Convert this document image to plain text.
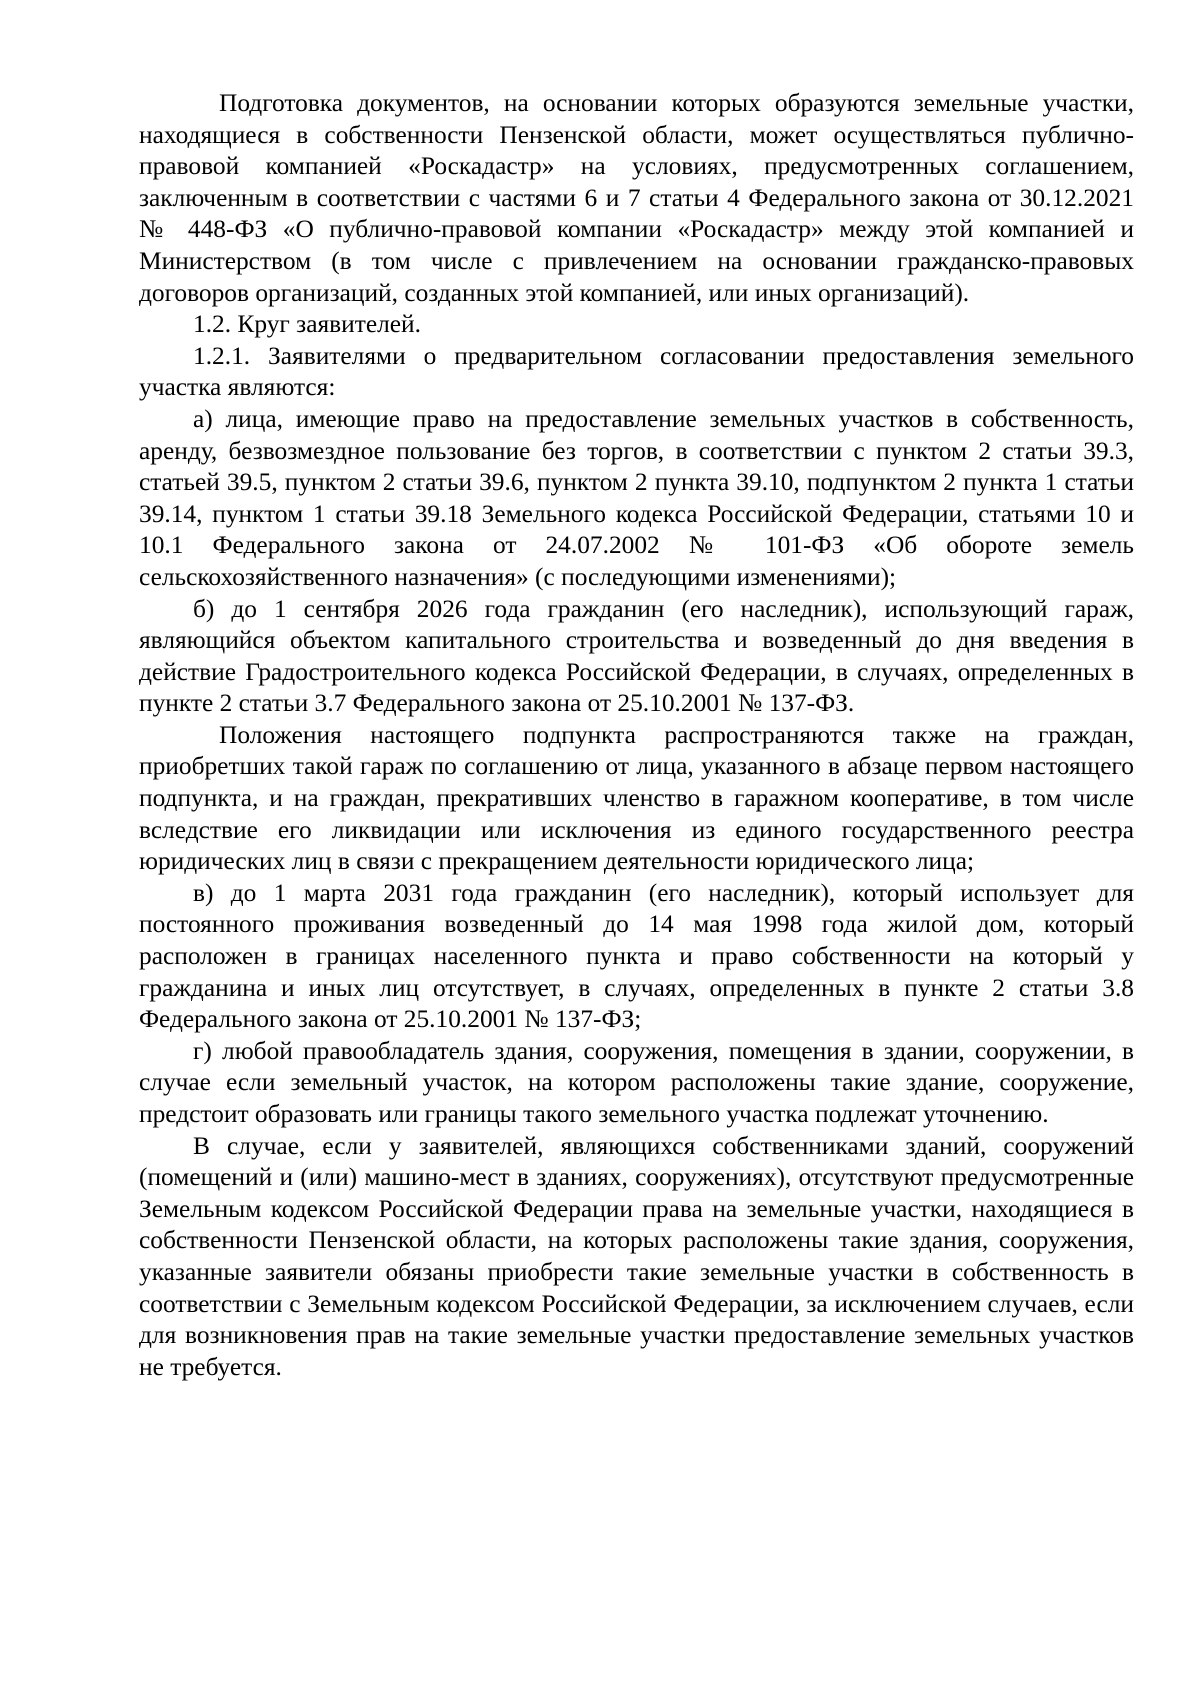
Подготовка документов, на основании которых образуются земельные участки, находящиеся в собственности Пензенской области, может осуществляться публично-правовой компанией «Роскадастр» на условиях, предусмотренных соглашением, заключенным в соответствии с частями 6 и 7 статьи 4 Федерального закона от 30.12.2021 № 448-ФЗ «О публично-правовой компании «Роскадастр» между этой компанией и Министерством (в том числе с привлечением на основании гражданско-правовых договоров организаций, созданных этой компанией, или иных организаций).

1.2. Круг заявителей.

1.2.1. Заявителями о предварительном согласовании предоставления земельного участка являются:

а) лица, имеющие право на предоставление земельных участков в собственность, аренду, безвозмездное пользование без торгов, в соответствии с пунктом 2 статьи 39.3, статьей 39.5, пунктом 2 статьи 39.6, пунктом 2 пункта 39.10, подпунктом 2 пункта 1 статьи 39.14, пунктом 1 статьи 39.18 Земельного кодекса Российской Федерации, статьями 10 и 10.1 Федерального закона от 24.07.2002 № 101-ФЗ «Об обороте земель сельскохозяйственного назначения» (с последующими изменениями);

б) до 1 сентября 2026 года гражданин (его наследник), использующий гараж, являющийся объектом капитального строительства и возведенный до дня введения в действие Градостроительного кодекса Российской Федерации, в случаях, определенных в пункте 2 статьи 3.7 Федерального закона от 25.10.2001 № 137-ФЗ.

Положения настоящего подпункта распространяются также на граждан, приобретших такой гараж по соглашению от лица, указанного в абзаце первом настоящего подпункта, и на граждан, прекративших членство в гаражном кооперативе, в том числе вследствие его ликвидации или исключения из единого государственного реестра юридических лиц в связи с прекращением деятельности юридического лица;

в) до 1 марта 2031 года гражданин (его наследник), который использует для постоянного проживания возведенный до 14 мая 1998 года жилой дом, который расположен в границах населенного пункта и право собственности на который у гражданина и иных лиц отсутствует, в случаях, определенных в пункте 2 статьи 3.8 Федерального закона от 25.10.2001 № 137-ФЗ;

г) любой правообладатель здания, сооружения, помещения в здании, сооружении, в случае если земельный участок, на котором расположены такие здание, сооружение, предстоит образовать или границы такого земельного участка подлежат уточнению.

В случае, если у заявителей, являющихся собственниками зданий, сооружений (помещений и (или) машино-мест в зданиях, сооружениях), отсутствуют предусмотренные Земельным кодексом Российской Федерации права на земельные участки, находящиеся в собственности Пензенской области, на которых расположены такие здания, сооружения, указанные заявители обязаны приобрести такие земельные участки в собственность в соответствии с Земельным кодексом Российской Федерации, за исключением случаев, если для возникновения прав на такие земельные участки предоставление земельных участков не требуется.
